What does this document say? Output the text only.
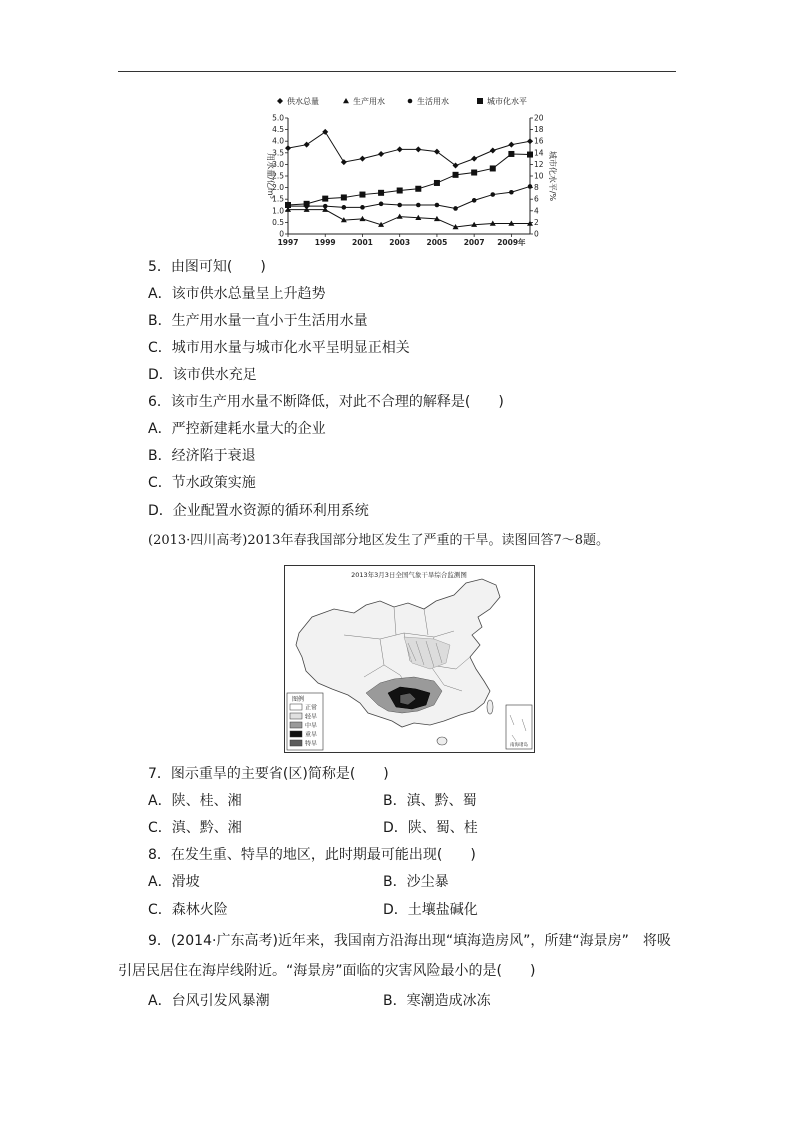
0
0.5
1.0
1.5
2.0
2.5
3.0
3.5
4.0
4.5
5.0
0
2
4
6
8
10
12
14
16
18
20
1997 1999 2001 2003 2005 2007 2009年
用水量/亿m³	城市化水平/%
供水总量	生产用水	生活用水	城市化水平
5．由图可知(　　)
A．该市供水总量呈上升趋势
B．生产用水量一直小于生活用水量
C．城市用水量与城市化水平呈明显正相关
D．该市供水充足
6．该市生产用水量不断降低，对此不合理的解释是(　　)
A．严控新建耗水量大的企业
B．经济陷于衰退
C．节水政策实施
D．企业配置水资源的循环利用系统
(2013·四川高考)2013年春我国部分地区发生了严重的干旱。读图回答7～8题。
2013年3月3日全国气象干旱综合监测图
南海诸岛
图例
正常
轻旱
中旱
重旱
特旱
7．图示重旱的主要省(区)简称是(　　)
A．陕、桂、湘	B．滇、黔、蜀
C．滇、黔、湘	D．陕、蜀、桂
8．在发生重、特旱的地区，此时期最可能出现(　　)
A．滑坡	B．沙尘暴
C．森林火险	D．土壤盐碱化
9．(2014·广东高考)近年来，我国南方沿海出现“填海造房风”，所建“海景房”　将吸
引居民居住在海岸线附近。“海景房”面临的灾害风险最小的是(　　)
A．台风引发风暴潮	B．寒潮造成冰冻
